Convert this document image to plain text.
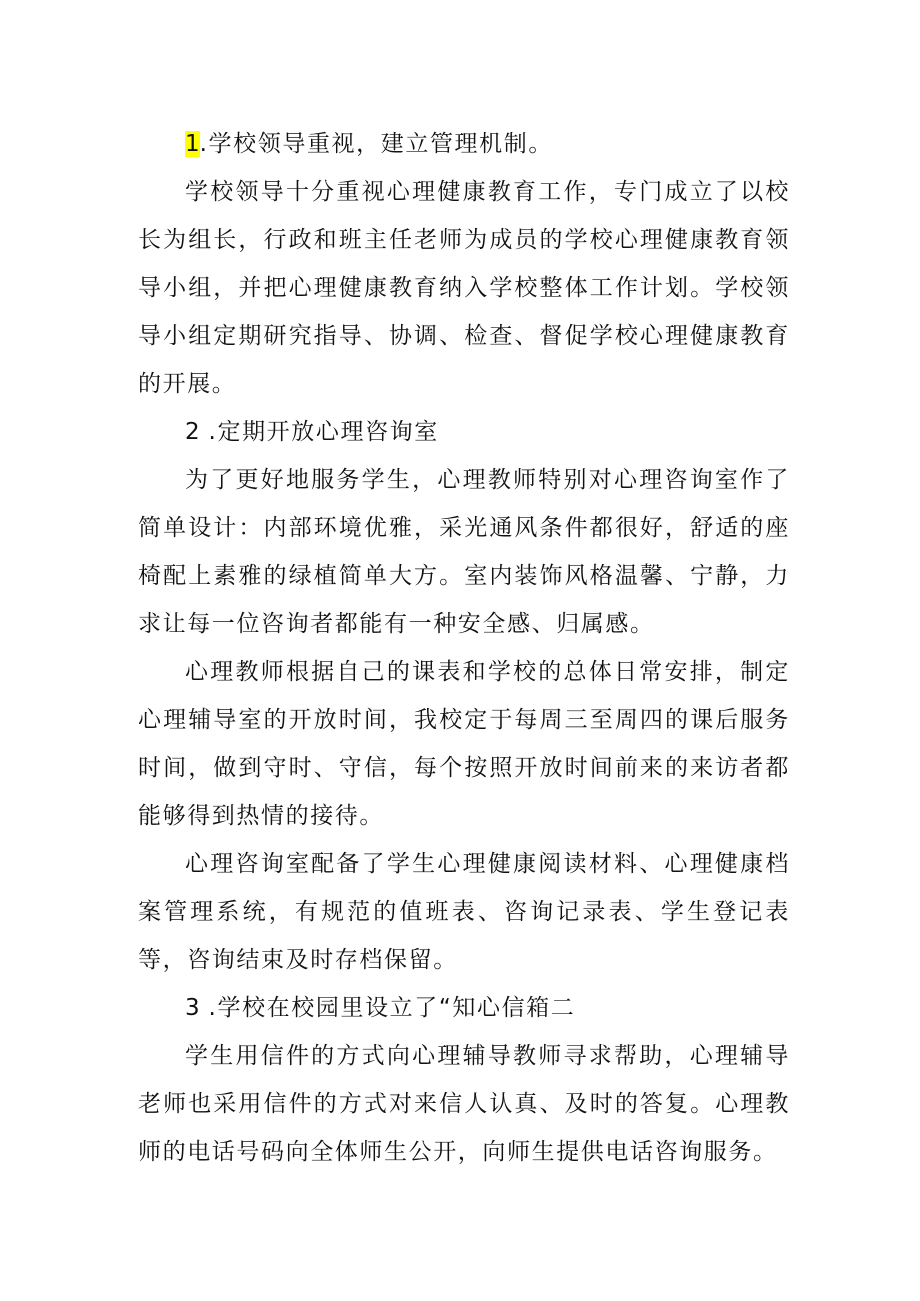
1.学校领导重视，建立管理机制。

学校领导十分重视心理健康教育工作，专门成立了以校长为组长，行政和班主任老师为成员的学校心理健康教育领导小组，并把心理健康教育纳入学校整体工作计划。学校领导小组定期研究指导、协调、检查、督促学校心理健康教育的开展。

2 .定期开放心理咨询室

为了更好地服务学生，心理教师特别对心理咨询室作了简单设计：内部环境优雅，采光通风条件都很好，舒适的座椅配上素雅的绿植简单大方。室内装饰风格温馨、宁静，力求让每一位咨询者都能有一种安全感、归属感。

心理教师根据自己的课表和学校的总体日常安排，制定心理辅导室的开放时间，我校定于每周三至周四的课后服务时间，做到守时、守信，每个按照开放时间前来的来访者都能够得到热情的接待。

心理咨询室配备了学生心理健康阅读材料、心理健康档案管理系统，有规范的值班表、咨询记录表、学生登记表等，咨询结束及时存档保留。

3 .学校在校园里设立了“知心信箱二

学生用信件的方式向心理辅导教师寻求帮助，心理辅导老师也采用信件的方式对来信人认真、及时的答复。心理教师的电话号码向全体师生公开，向师生提供电话咨询服务。
